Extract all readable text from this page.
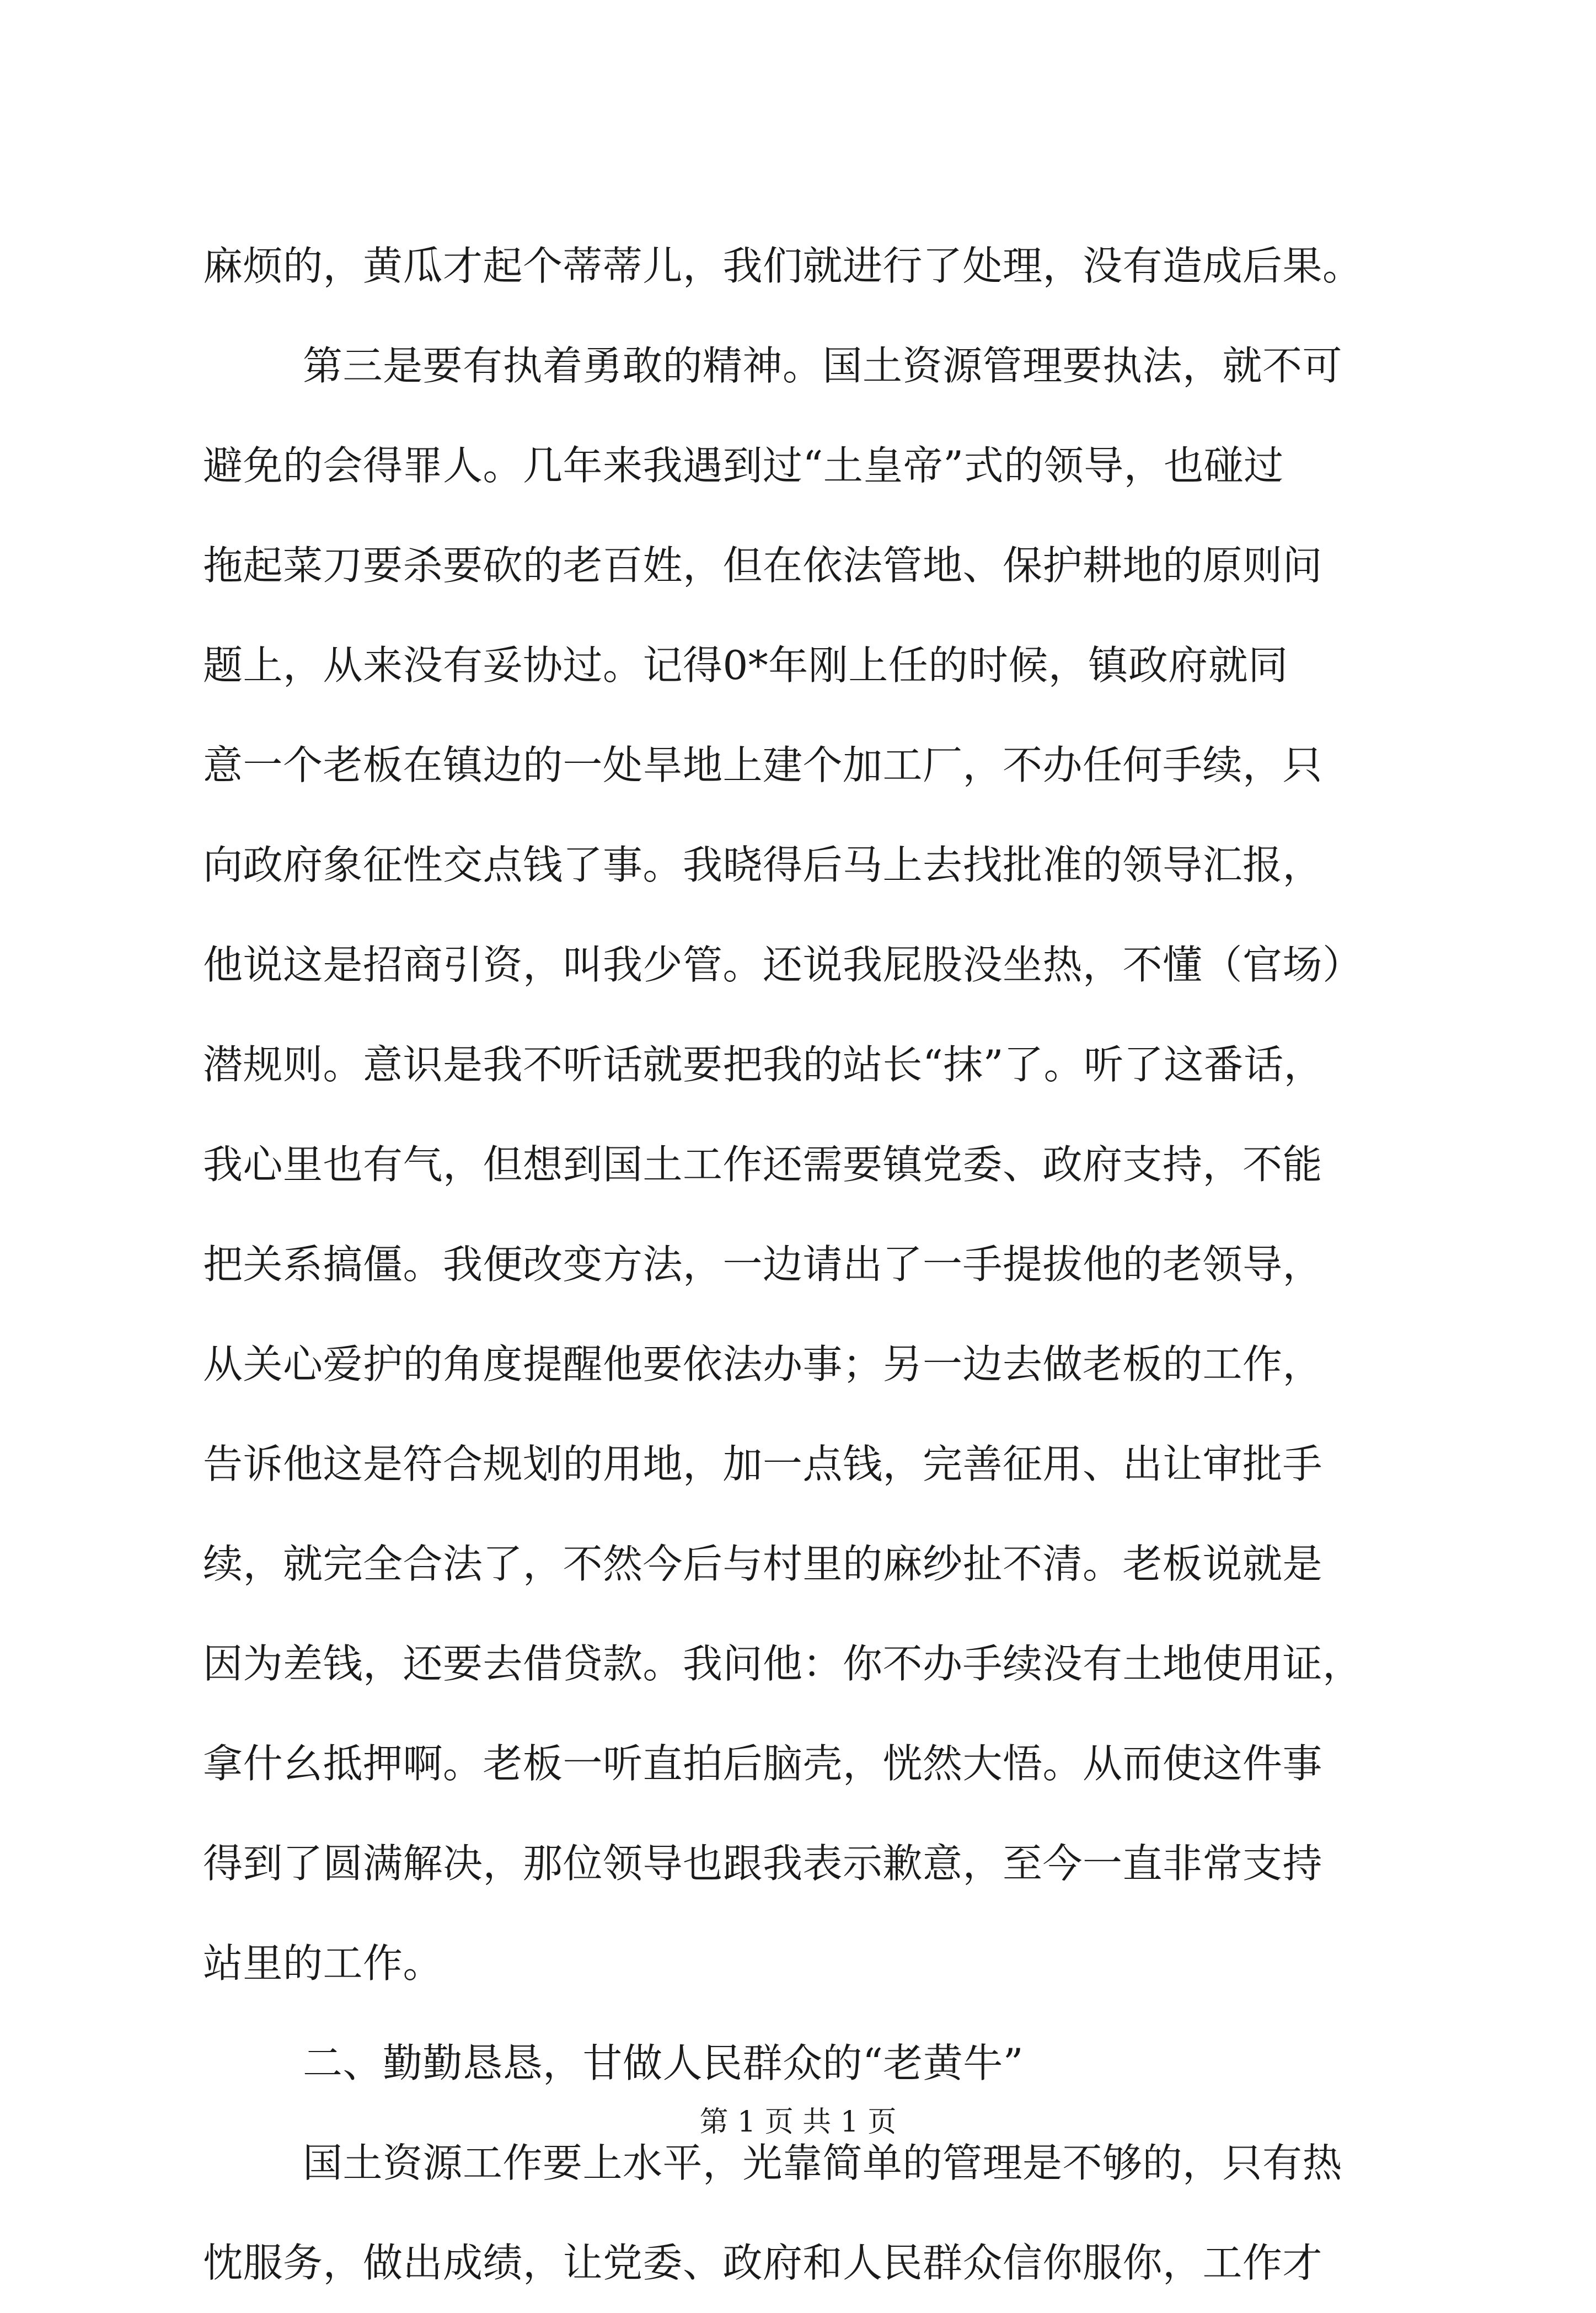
麻烦的，黄瓜才起个蒂蒂儿，我们就进行了处理，没有造成后果。
第三是要有执着勇敢的精神。国土资源管理要执法，就不可
避免的会得罪人。几年来我遇到过“土皇帝”式的领导，也碰过
拖起菜刀要杀要砍的老百姓，但在依法管地、保护耕地的原则问
题上，从来没有妥协过。记得0*年刚上任的时候，镇政府就同
意一个老板在镇边的一处旱地上建个加工厂，不办任何手续，只
向政府象征性交点钱了事。我晓得后马上去找批准的领导汇报，
他说这是招商引资，叫我少管。还说我屁股没坐热，不懂（官场）
潜规则。意识是我不听话就要把我的站长“抹”了。听了这番话，
我心里也有气，但想到国土工作还需要镇党委、政府支持，不能
把关系搞僵。我便改变方法，一边请出了一手提拔他的老领导，
从关心爱护的角度提醒他要依法办事；另一边去做老板的工作，
告诉他这是符合规划的用地，加一点钱，完善征用、出让审批手
续，就完全合法了，不然今后与村里的麻纱扯不清。老板说就是
因为差钱，还要去借贷款。我问他：你不办手续没有土地使用证，
拿什幺抵押啊。老板一听直拍后脑壳，恍然大悟。从而使这件事
得到了圆满解决，那位领导也跟我表示歉意，至今一直非常支持
站里的工作。
二、勤勤恳恳，甘做人民群众的“老黄牛”
国土资源工作要上水平，光靠简单的管理是不够的，只有热
忱服务，做出成绩，让党委、政府和人民群众信你服你，工作才
第 1 页 共 1 页
